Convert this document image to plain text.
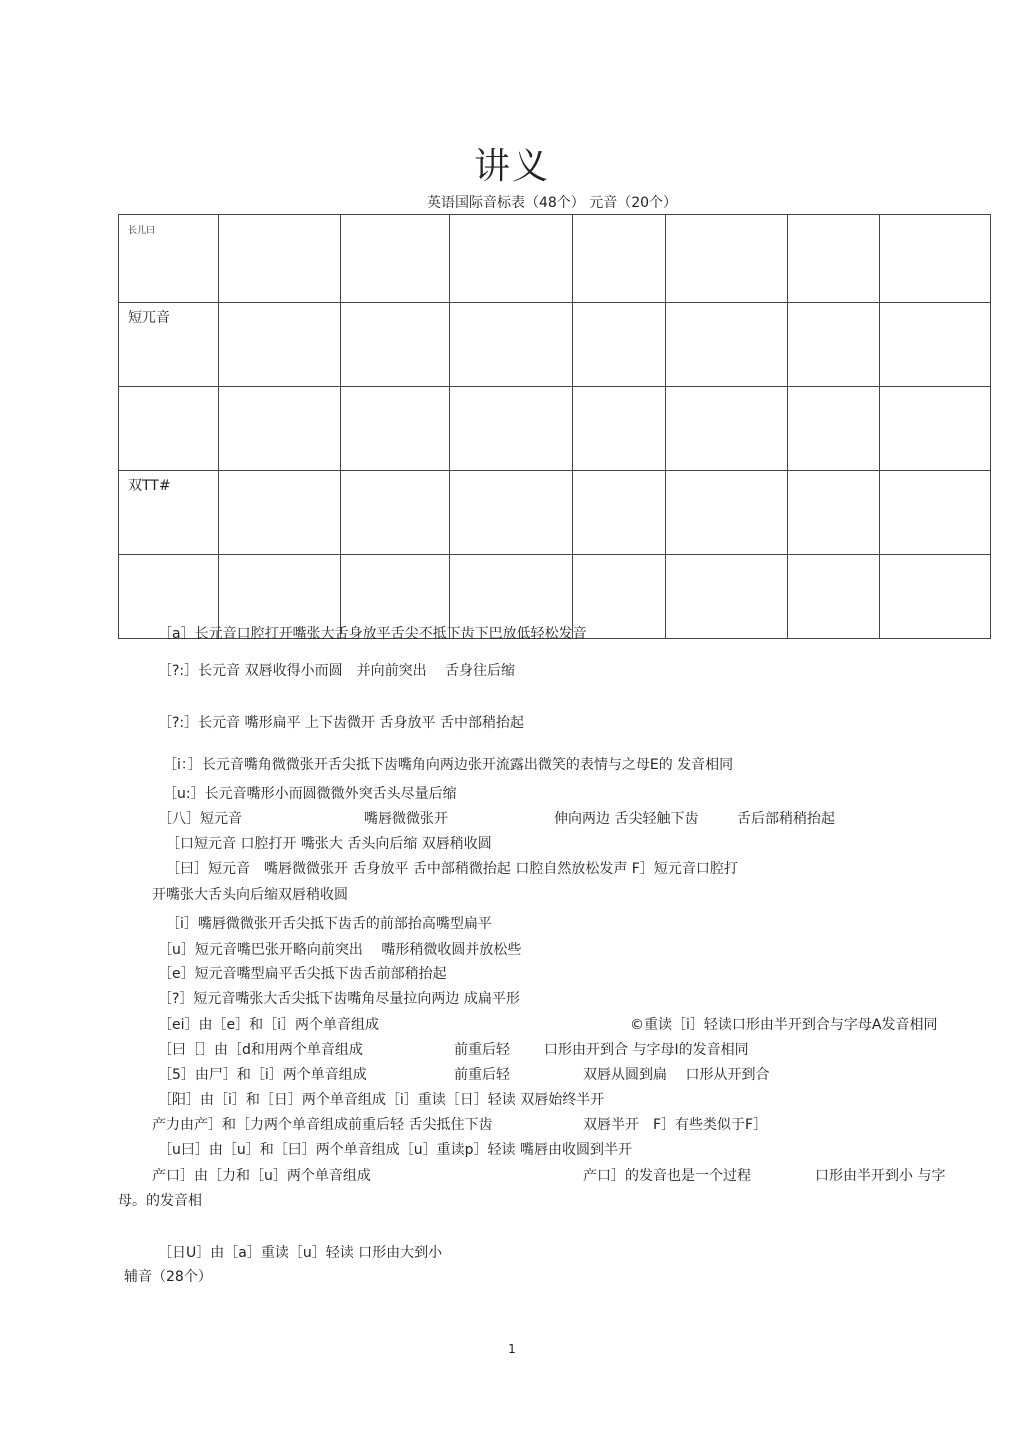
讲义
英语国际音标表（48个） 元音（20个）
长儿曰							
短兀音							

双TT#							

［a］长元音口腔打开嘴张大舌身放平舌尖不抵下齿下巴放低轻松发音
［?:］长元音 双唇收得小而圆　并向前突出　 舌身往后缩
［?:］长元音 嘴形扁平 上下齿微开 舌身放平 舌中部稍抬起
［i：］长元音嘴角微微张开舌尖抵下齿嘴角向两边张开流露出微笑的表情与之母E的 发音相同
［u:］长元音嘴形小而圆微微外突舌头尽量后缩
［八］短元音	嘴唇微微张开	伸向两边 舌尖轻触下齿	舌后部稍稍抬起
［口短元音 口腔打开 嘴张大 舌头向后缩 双唇稍收圆
［曰］短元音　嘴唇微微张开 舌身放平 舌中部稍微抬起 口腔自然放松发声 F］短元音口腔打
开嘴张大舌头向后缩双唇稍收圆
［i］嘴唇微微张开舌尖抵下齿舌的前部抬高嘴型扁平
［u］短元音嘴巴张开略向前突出　 嘴形稍微收圆并放松些
［e］短元音嘴型扁平舌尖抵下齿舌前部稍抬起
［?］短元音嘴张大舌尖抵下齿嘴角尽量拉向两边 成扁平形
［ei］由［e］和［i］两个单音组成	©重读［i］轻读口形由半开到合与字母A发音相同
［曰［］由［d和用两个单音组成	前重后轻 口形由开到合 与字母I的发音相同
［5］由尸］和［i］两个单音组成	前重后轻	双唇从圆到扁　 口形从开到合
［阳］由［i］和［日］两个单音组成［i］重读［日］轻读 双唇始终半开
产力由产］和［力两个单音组成前重后轻 舌尖抵住下齿	双唇半开　F］有些类似于F］
［u曰］由［u］和［曰］两个单音组成［u］重读p］轻读 嘴唇由收圆到半开
产口］由［力和［u］两个单音组成	产口］的发音也是一个过程	口形由半开到小 与字
母。的发音相
［日U］由［a］重读［u］轻读 口形由大到小
辅音（28个）
1
